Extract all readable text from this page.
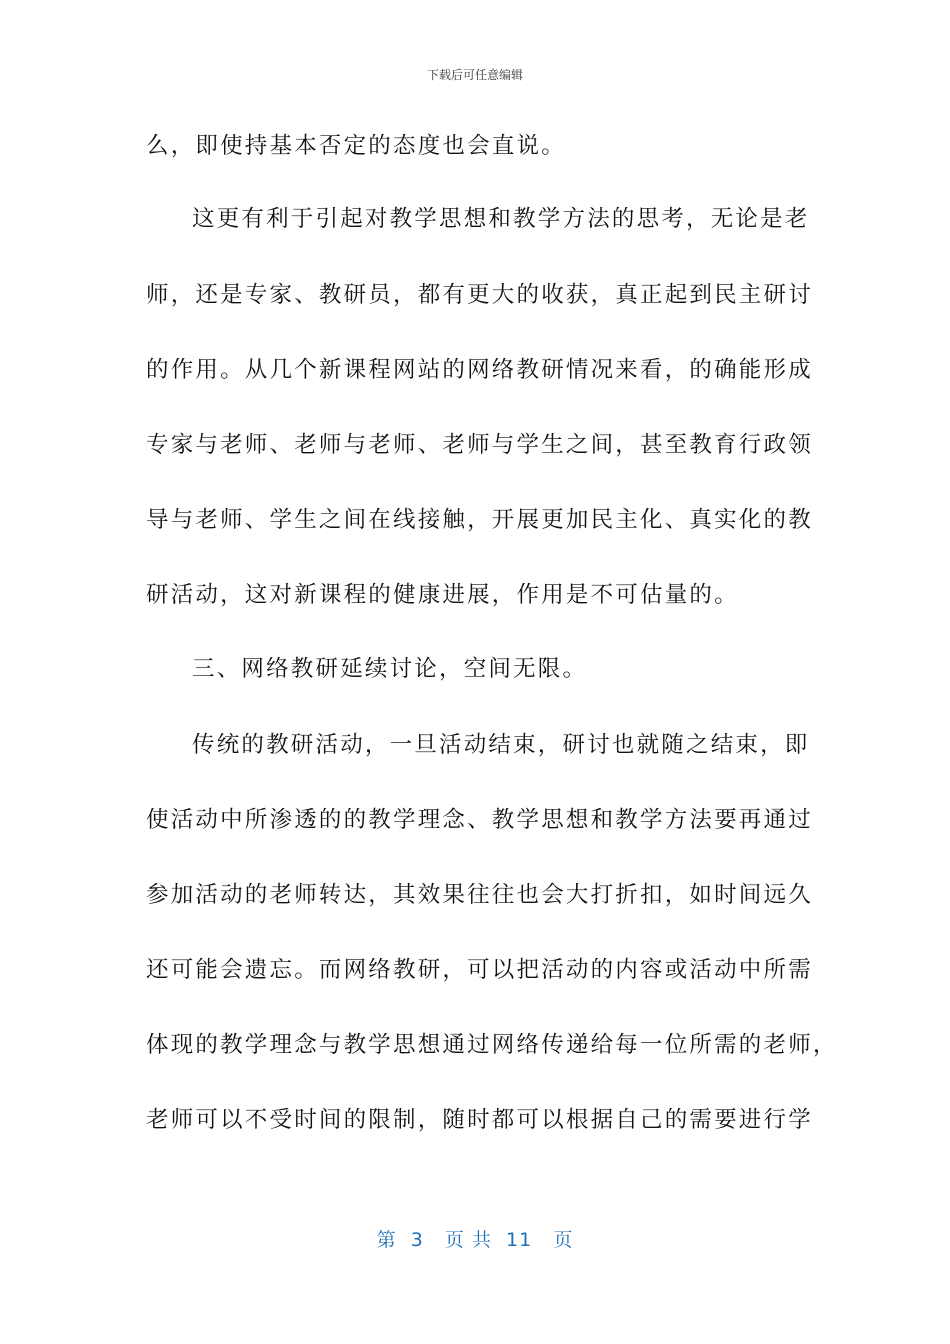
下载后可任意编辑
么，即使持基本否定的态度也会直说。
这更有利于引起对教学思想和教学方法的思考，无论是老
师，还是专家、教研员，都有更大的收获，真正起到民主研讨
的作用。从几个新课程网站的网络教研情况来看，的确能形成
专家与老师、老师与老师、老师与学生之间，甚至教育行政领
导与老师、学生之间在线接触，开展更加民主化、真实化的教
研活动，这对新课程的健康进展，作用是不可估量的。
三、网络教研延续讨论，空间无限。
传统的教研活动，一旦活动结束，研讨也就随之结束，即
使活动中所渗透的的教学理念、教学思想和教学方法要再通过
参加活动的老师转达，其效果往往也会大打折扣，如时间远久
还可能会遗忘。而网络教研，可以把活动的内容或活动中所需
体现的教学理念与教学思想通过网络传递给每一位所需的老师，
老师可以不受时间的限制，随时都可以根据自己的需要进行学
第  3   页 共  11   页
